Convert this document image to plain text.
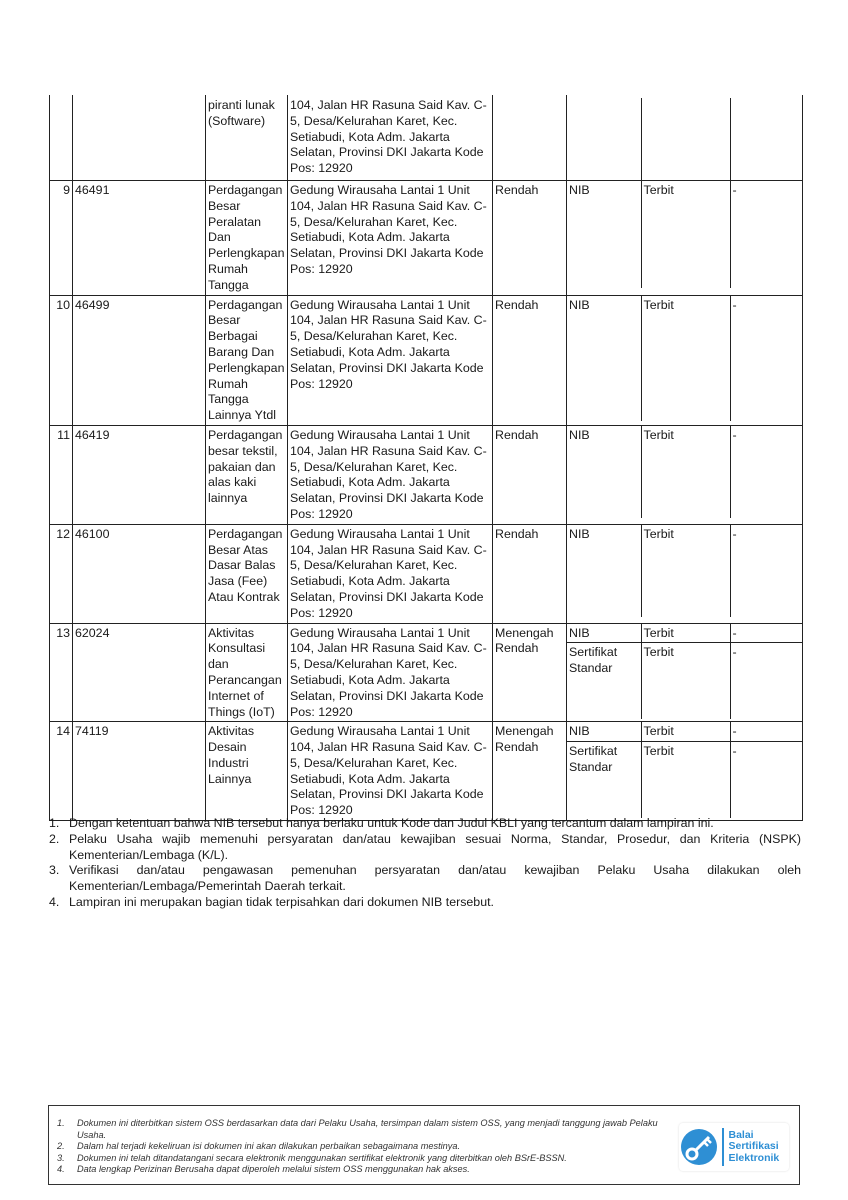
		piranti lunak (Software)	104, Jalan HR Rasuna Said Kav. C-5, Desa/Kelurahan Karet, Kec. Setiabudi, Kota Adm. Jakarta Selatan, Provinsi DKI Jakarta Kode Pos: 12920		

9	46491	Perdagangan Besar Peralatan Dan Perlengkapan Rumah Tangga	Gedung Wirausaha Lantai 1 Unit 104, Jalan HR Rasuna Said Kav. C-5, Desa/Kelurahan Karet, Kec. Setiabudi, Kota Adm. Jakarta Selatan, Provinsi DKI Jakarta Kode Pos: 12920	Rendah	NIB	Terbit	-

10	46499	Perdagangan Besar Berbagai Barang Dan Perlengkapan Rumah Tangga Lainnya Ytdl	Gedung Wirausaha Lantai 1 Unit 104, Jalan HR Rasuna Said Kav. C-5, Desa/Kelurahan Karet, Kec. Setiabudi, Kota Adm. Jakarta Selatan, Provinsi DKI Jakarta Kode Pos: 12920	Rendah	NIB	Terbit	-

11	46419	Perdagangan besar tekstil, pakaian dan alas kaki lainnya	Gedung Wirausaha Lantai 1 Unit 104, Jalan HR Rasuna Said Kav. C-5, Desa/Kelurahan Karet, Kec. Setiabudi, Kota Adm. Jakarta Selatan, Provinsi DKI Jakarta Kode Pos: 12920	Rendah	NIB	Terbit	-

12	46100	Perdagangan Besar Atas Dasar Balas Jasa (Fee) Atau Kontrak	Gedung Wirausaha Lantai 1 Unit 104, Jalan HR Rasuna Said Kav. C-5, Desa/Kelurahan Karet, Kec. Setiabudi, Kota Adm. Jakarta Selatan, Provinsi DKI Jakarta Kode Pos: 12920	Rendah	NIB	Terbit	-

13	62024	Aktivitas Konsultasi dan Perancangan Internet of Things (IoT)	Gedung Wirausaha Lantai 1 Unit 104, Jalan HR Rasuna Said Kav. C-5, Desa/Kelurahan Karet, Kec. Setiabudi, Kota Adm. Jakarta Selatan, Provinsi DKI Jakarta Kode Pos: 12920	Menengah Rendah	
NIB	Terbit	-
Sertifikat Standar	Terbit	-

14	74119	Aktivitas Desain Industri Lainnya	Gedung Wirausaha Lantai 1 Unit 104, Jalan HR Rasuna Said Kav. C-5, Desa/Kelurahan Karet, Kec. Setiabudi, Kota Adm. Jakarta Selatan, Provinsi DKI Jakarta Kode Pos: 12920	Menengah Rendah	
NIB	Terbit	-
Sertifikat Standar	Terbit	-
1. Dengan ketentuan bahwa NIB tersebut hanya berlaku untuk Kode dan Judul KBLI yang tercantum dalam lampiran ini.
2. Pelaku Usaha wajib memenuhi persyaratan dan/atau kewajiban sesuai Norma, Standar, Prosedur, dan Kriteria (NSPK) Kementerian/Lembaga (K/L).
3. Verifikasi dan/atau pengawasan pemenuhan persyaratan dan/atau kewajiban Pelaku Usaha dilakukan oleh Kementerian/Lembaga/Pemerintah Daerah terkait.
4. Lampiran ini merupakan bagian tidak terpisahkan dari dokumen NIB tersebut.
1.	Dokumen ini diterbitkan sistem OSS berdasarkan data dari Pelaku Usaha, tersimpan dalam sistem OSS, yang menjadi tanggung jawab Pelaku Usaha.
2.	Dalam hal terjadi kekeliruan isi dokumen ini akan dilakukan perbaikan sebagaimana mestinya.
3.	Dokumen ini telah ditandatangani secara elektronik menggunakan sertifikat elektronik yang diterbitkan oleh BSrE-BSSN.
4.	Data lengkap Perizinan Berusaha dapat diperoleh melalui sistem OSS menggunakan hak akses.
Balai
Sertifikasi
Elektronik
